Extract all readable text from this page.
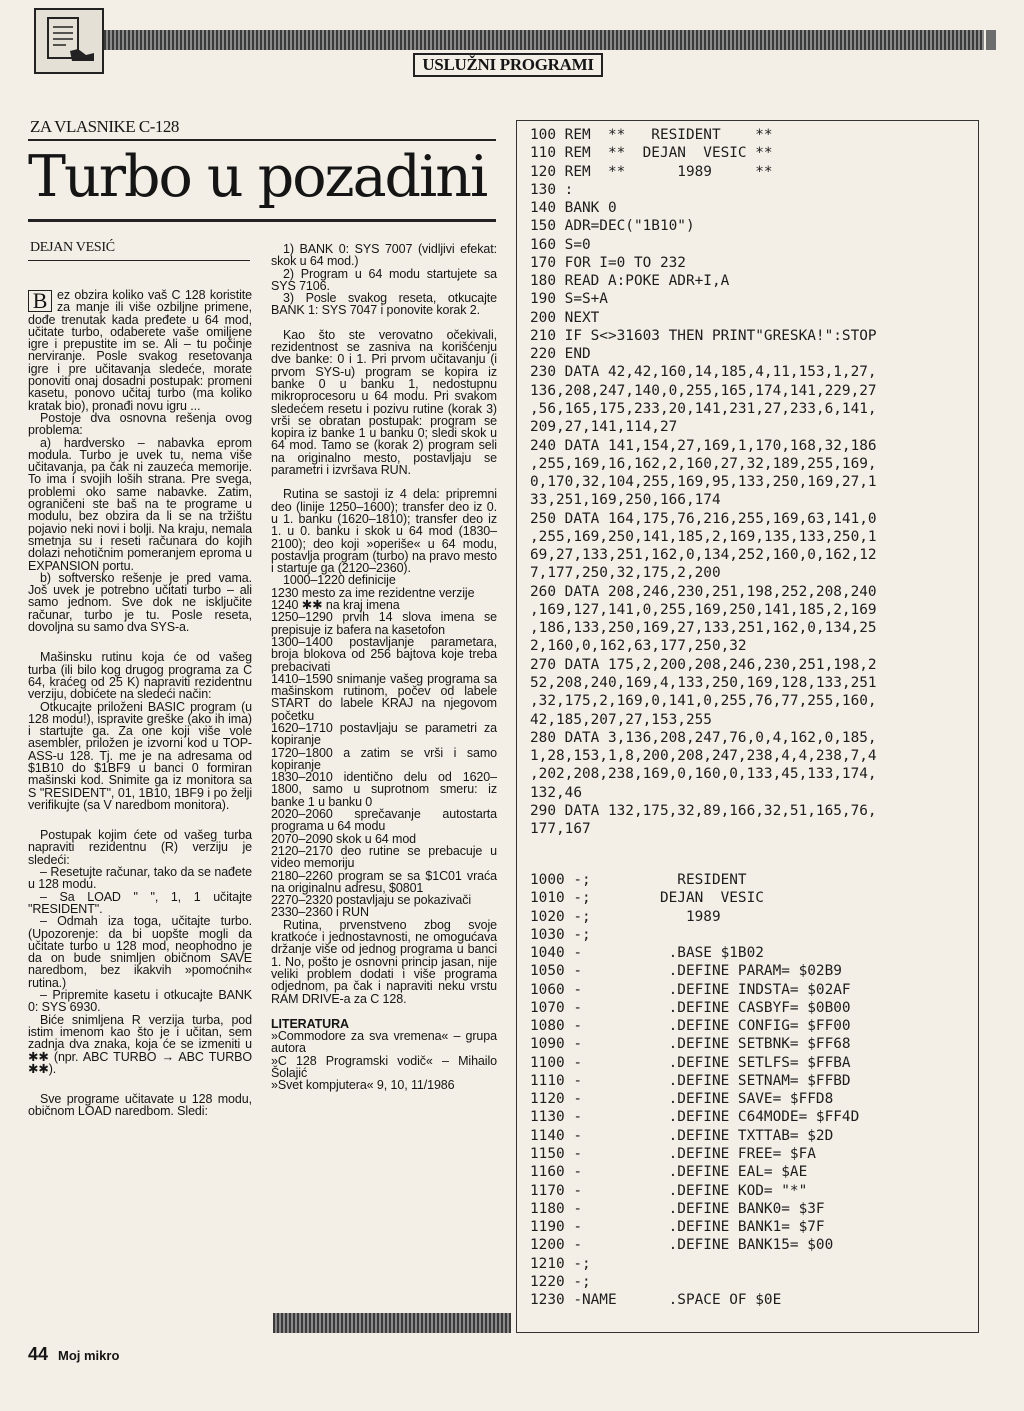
USLUŽNI PROGRAMI
ZA VLASNIKE C-128
Turbo u pozadini
DEJAN VESIĆ

B ez obzira koliko vaš C 128 koristite za manje ili više ozbiljne primene, dođe trenutak kada pređete u 64 mod, učitate turbo, odaberete vaše omiljene igre i prepustite im se. Ali – tu počinje nerviranje. Posle svakog resetovanja igre i pre učitavanja sledeće, morate ponoviti onaj dosadni postupak: promeni kasetu, ponovo učitaj turbo (ma koliko kratak bio), pronađi novu igru ...

Postoje dva osnovna rešenja ovog problema:

a) hardversko – nabavka eprom modula. Turbo je uvek tu, nema više učitavanja, pa čak ni zauzeća memorije. To ima i svojih loših strana. Pre svega, problemi oko same nabavke. Zatim, ograničeni ste baš na te programe u modulu, bez obzira da li se na tržištu pojavio neki novi i bolji. Na kraju, nemala smetnja su i reseti računara do kojih dolazi nehotičnim pomeranjem eproma u EXPANSION portu.

b) softversko rešenje je pred vama. Još uvek je potrebno učitati turbo – ali samo jednom. Sve dok ne isključite računar, turbo je tu. Posle reseta, dovoljna su samo dva SYS-a.

Mašinsku rutinu koja će od vašeg turba (ili bilo kog drugog programa za C 64, kraćeg od 25 K) napraviti rezidentnu verziju, dobićete na sledeći način:

Otkucajte priloženi BASIC program (u 128 modu!), ispravite greške (ako ih ima) i startujte ga. Za one koji više vole asembler, priložen je izvorni kod u TOP-ASS-u 128. Tj. me je na adresama od $1B10 do $1BF9 u banci 0 formiran mašinski kod. Snimite ga iz monitora sa S "RESIDENT", 01, 1B10, 1BF9 i po želji verifikujte (sa V naredbom monitora).

Postupak kojim ćete od vašeg turba napraviti rezidentnu (R) verziju je sledeći:

– Resetujte računar, tako da se nađete u 128 modu.

– Sa LOAD " ", 1, 1 učitajte "RESIDENT".

– Odmah iza toga, učitajte turbo. (Upozorenje: da bi uopšte mogli da učitate turbo u 128 mod, neophodno je da on bude snimljen običnom SAVE naredbom, bez ikakvih »pomoćnih« rutina.)

– Pripremite kasetu i otkucajte BANK 0: SYS 6930.

Biće snimljena R verzija turba, pod istim imenom kao što je i učitan, sem zadnja dva znaka, koja će se izmeniti u ✱✱ (npr. ABC TURBO → ABC TURBO ✱✱).

Sve programe učitavate u 128 modu, običnom LOAD naredbom. Sledi:

1) BANK 0: SYS 7007 (vidljivi efekat: skok u 64 mod.)

2) Program u 64 modu startujete sa SYS 7106.

3) Posle svakog reseta, otkucajte BANK 1: SYS 7047 i ponovite korak 2.

Kao što ste verovatno očekivali, rezidentnost se zasniva na korišćenju dve banke: 0 i 1. Pri prvom učitavanju (i prvom SYS-u) program se kopira iz banke 0 u banku 1, nedostupnu mikroprocesoru u 64 modu. Pri svakom sledećem resetu i pozivu rutine (korak 3) vrši se obratan postupak: program se kopira iz banke 1 u banku 0; sledi skok u 64 mod. Tamo se (korak 2) program seli na originalno mesto, postavljaju se parametri i izvršava RUN.

Rutina se sastoji iz 4 dela: pripremni deo (linije 1250–1600); transfer deo iz 0. u 1. banku (1620–1810); transfer deo iz 1. u 0. banku i skok u 64 mod (1830–2100); deo koji »operiše« u 64 modu, postavlja program (turbo) na pravo mesto i startuje ga (2120–2360).

1000–1220 definicije

1230 mesto za ime rezidentne verzije

1240 ✱✱ na kraj imena

1250–1290 prvih 14 slova imena se prepisuje iz bafera na kasetofon

1300–1400 postavljanje parametara, broja blokova od 256 bajtova koje treba prebacivati

1410–1590 snimanje vašeg programa sa mašinskom rutinom, počev od labele START do labele KRAJ na njegovom početku

1620–1710 postavljaju se parametri za kopiranje

1720–1800 a zatim se vrši i samo kopiranje

1830–2010 identično delu od 1620–1800, samo u suprotnom smeru: iz banke 1 u banku 0

2020–2060 sprečavanje autostarta programa u 64 modu

2070–2090 skok u 64 mod

2120–2170 deo rutine se prebacuje u video memoriju

2180–2260 program se sa $1C01 vraća na originalnu adresu, $0801

2270–2320 postavljaju se pokazivači

2330–2360 i RUN

Rutina, prvenstveno zbog svoje kratkoće i jednostavnosti, ne omogućava držanje više od jednog programa u banci 1. No, pošto je osnovni princip jasan, nije veliki problem dodati i više programa odjednom, pa čak i napraviti neku vrstu RAM DRIVE-a za C 128.

LITERATURA

»Commodore za sva vremena« – grupa autora

»C 128 Programski vodič« – Mihailo Šolajić

»Svet kompjutera« 9, 10, 11/1986

100 REM  **   RESIDENT    **
110 REM  **  DEJAN  VESIC **
120 REM  **      1989     **
130 :
140 BANK 0
150 ADR=DEC("1B10")
160 S=0
170 FOR I=0 TO 232
180 READ A:POKE ADR+I,A
190 S=S+A
200 NEXT
210 IF S<>31603 THEN PRINT"GRESKA!":STOP
220 END
230 DATA 42,42,160,14,185,4,11,153,1,27,
136,208,247,140,0,255,165,174,141,229,27
,56,165,175,233,20,141,231,27,233,6,141,
209,27,141,114,27
240 DATA 141,154,27,169,1,170,168,32,186
,255,169,16,162,2,160,27,32,189,255,169,
0,170,32,104,255,169,95,133,250,169,27,1
33,251,169,250,166,174
250 DATA 164,175,76,216,255,169,63,141,0
,255,169,250,141,185,2,169,135,133,250,1
69,27,133,251,162,0,134,252,160,0,162,12
7,177,250,32,175,2,200
260 DATA 208,246,230,251,198,252,208,240
,169,127,141,0,255,169,250,141,185,2,169
,186,133,250,169,27,133,251,162,0,134,25
2,160,0,162,63,177,250,32
270 DATA 175,2,200,208,246,230,251,198,2
52,208,240,169,4,133,250,169,128,133,251
,32,175,2,169,0,141,0,255,76,77,255,160,
42,185,207,27,153,255
280 DATA 3,136,208,247,76,0,4,162,0,185,
1,28,153,1,8,200,208,247,238,4,4,238,7,4
,202,208,238,169,0,160,0,133,45,133,174,
132,46
290 DATA 132,175,32,89,166,32,51,165,76,
177,167
1000 -;          RESIDENT
1010 -;        DEJAN  VESIC
1020 -;           1989
1030 -;
1040 -          .BASE $1B02
1050 -          .DEFINE PARAM= $02B9
1060 -          .DEFINE INDSTA= $02AF
1070 -          .DEFINE CASBYF= $0B00
1080 -          .DEFINE CONFIG= $FF00
1090 -          .DEFINE SETBNK= $FF68
1100 -          .DEFINE SETLFS= $FFBA
1110 -          .DEFINE SETNAM= $FFBD
1120 -          .DEFINE SAVE= $FFD8
1130 -          .DEFINE C64MODE= $FF4D
1140 -          .DEFINE TXTTAB= $2D
1150 -          .DEFINE FREE= $FA
1160 -          .DEFINE EAL= $AE
1170 -          .DEFINE KOD= "*"
1180 -          .DEFINE BANK0= $3F
1190 -          .DEFINE BANK1= $7F
1200 -          .DEFINE BANK15= $00
1210 -;
1220 -;
1230 -NAME      .SPACE OF $0E
44 Moj mikro
